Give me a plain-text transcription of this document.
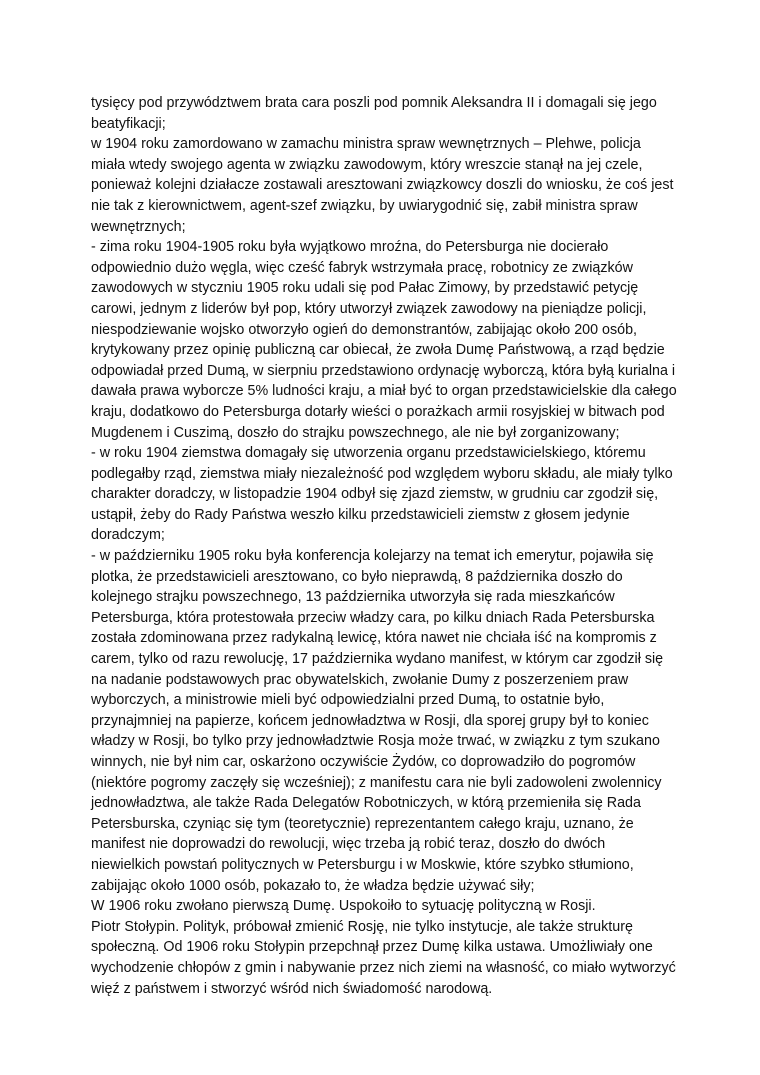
tysięcy pod przywództwem brata cara poszli pod pomnik Aleksandra II i domagali się jego

beatyfikacji;

w 1904 roku zamordowano w zamachu ministra spraw wewnętrznych – Plehwe, policja

miała wtedy swojego agenta w związku zawodowym, który wreszcie stanął na jej czele,

ponieważ kolejni działacze zostawali aresztowani związkowcy doszli do wniosku, że coś jest

nie tak z kierownictwem, agent-szef związku, by uwiarygodnić się, zabił ministra spraw

wewnętrznych;

- zima roku 1904-1905 roku była wyjątkowo mroźna, do Petersburga nie docierało

odpowiednio dużo węgla, więc cześć fabryk wstrzymała pracę, robotnicy ze związków

zawodowych w styczniu 1905 roku udali się pod Pałac Zimowy, by przedstawić petycję

carowi, jednym z liderów był pop, który utworzył związek zawodowy na pieniądze policji,

niespodziewanie wojsko otworzyło ogień do demonstrantów, zabijając około 200 osób,

krytykowany przez opinię publiczną car obiecał, że zwoła Dumę Państwową, a rząd będzie

odpowiadał przed Dumą, w sierpniu przedstawiono ordynację wyborczą, która byłą kurialna i

dawała prawa wyborcze 5% ludności kraju, a miał być to organ przedstawicielskie dla całego

kraju, dodatkowo do Petersburga dotarły wieści o porażkach armii rosyjskiej w bitwach pod

Mugdenem i Cuszimą, doszło do strajku powszechnego, ale nie był zorganizowany;

- w roku 1904 ziemstwa domagały się utworzenia organu przedstawicielskiego, któremu

podlegałby rząd, ziemstwa miały niezależność pod względem wyboru składu, ale miały tylko

charakter doradczy, w listopadzie 1904 odbył się zjazd ziemstw, w grudniu car zgodził się,

ustąpił, żeby do Rady Państwa weszło kilku przedstawicieli ziemstw z głosem jedynie

doradczym;

- w październiku 1905 roku była konferencja kolejarzy na temat ich emerytur, pojawiła się

plotka, że przedstawicieli aresztowano, co było nieprawdą, 8 października doszło do

kolejnego strajku powszechnego, 13 października utworzyła się rada mieszkańców

Petersburga, która protestowała przeciw władzy cara, po kilku dniach Rada Petersburska

została zdominowana przez radykalną lewicę, która nawet nie chciała iść na kompromis z

carem, tylko od razu rewolucję, 17 października wydano manifest, w którym car zgodził się

na nadanie podstawowych prac obywatelskich, zwołanie Dumy z poszerzeniem praw

wyborczych, a ministrowie mieli być odpowiedzialni przed Dumą, to ostatnie było,

przynajmniej na papierze, końcem jednowładztwa w Rosji, dla sporej grupy był to koniec

władzy w Rosji, bo tylko przy jednowładztwie Rosja może trwać, w związku z tym szukano

winnych, nie był nim car, oskarżono oczywiście Żydów, co doprowadziło do pogromów

(niektóre pogromy zaczęły się wcześniej); z manifestu cara nie byli zadowoleni zwolennicy

jednowładztwa, ale także Rada Delegatów Robotniczych, w którą przemieniła się Rada

Petersburska, czyniąc się tym (teoretycznie) reprezentantem całego kraju, uznano, że

manifest nie doprowadzi do rewolucji, więc trzeba ją robić teraz, doszło do dwóch

niewielkich powstań politycznych w Petersburgu i w Moskwie, które szybko stłumiono,

zabijając około 1000 osób, pokazało to, że władza będzie używać siły;

W 1906 roku zwołano pierwszą Dumę. Uspokoiło to sytuację polityczną w Rosji.

Piotr Stołypin. Polityk, próbował zmienić Rosję, nie tylko instytucje, ale także strukturę

społeczną. Od 1906 roku Stołypin przepchnął przez Dumę kilka ustawa. Umożliwiały one

wychodzenie chłopów z gmin i nabywanie przez nich ziemi na własność, co miało wytworzyć

więź z państwem i stworzyć wśród nich świadomość narodową.
